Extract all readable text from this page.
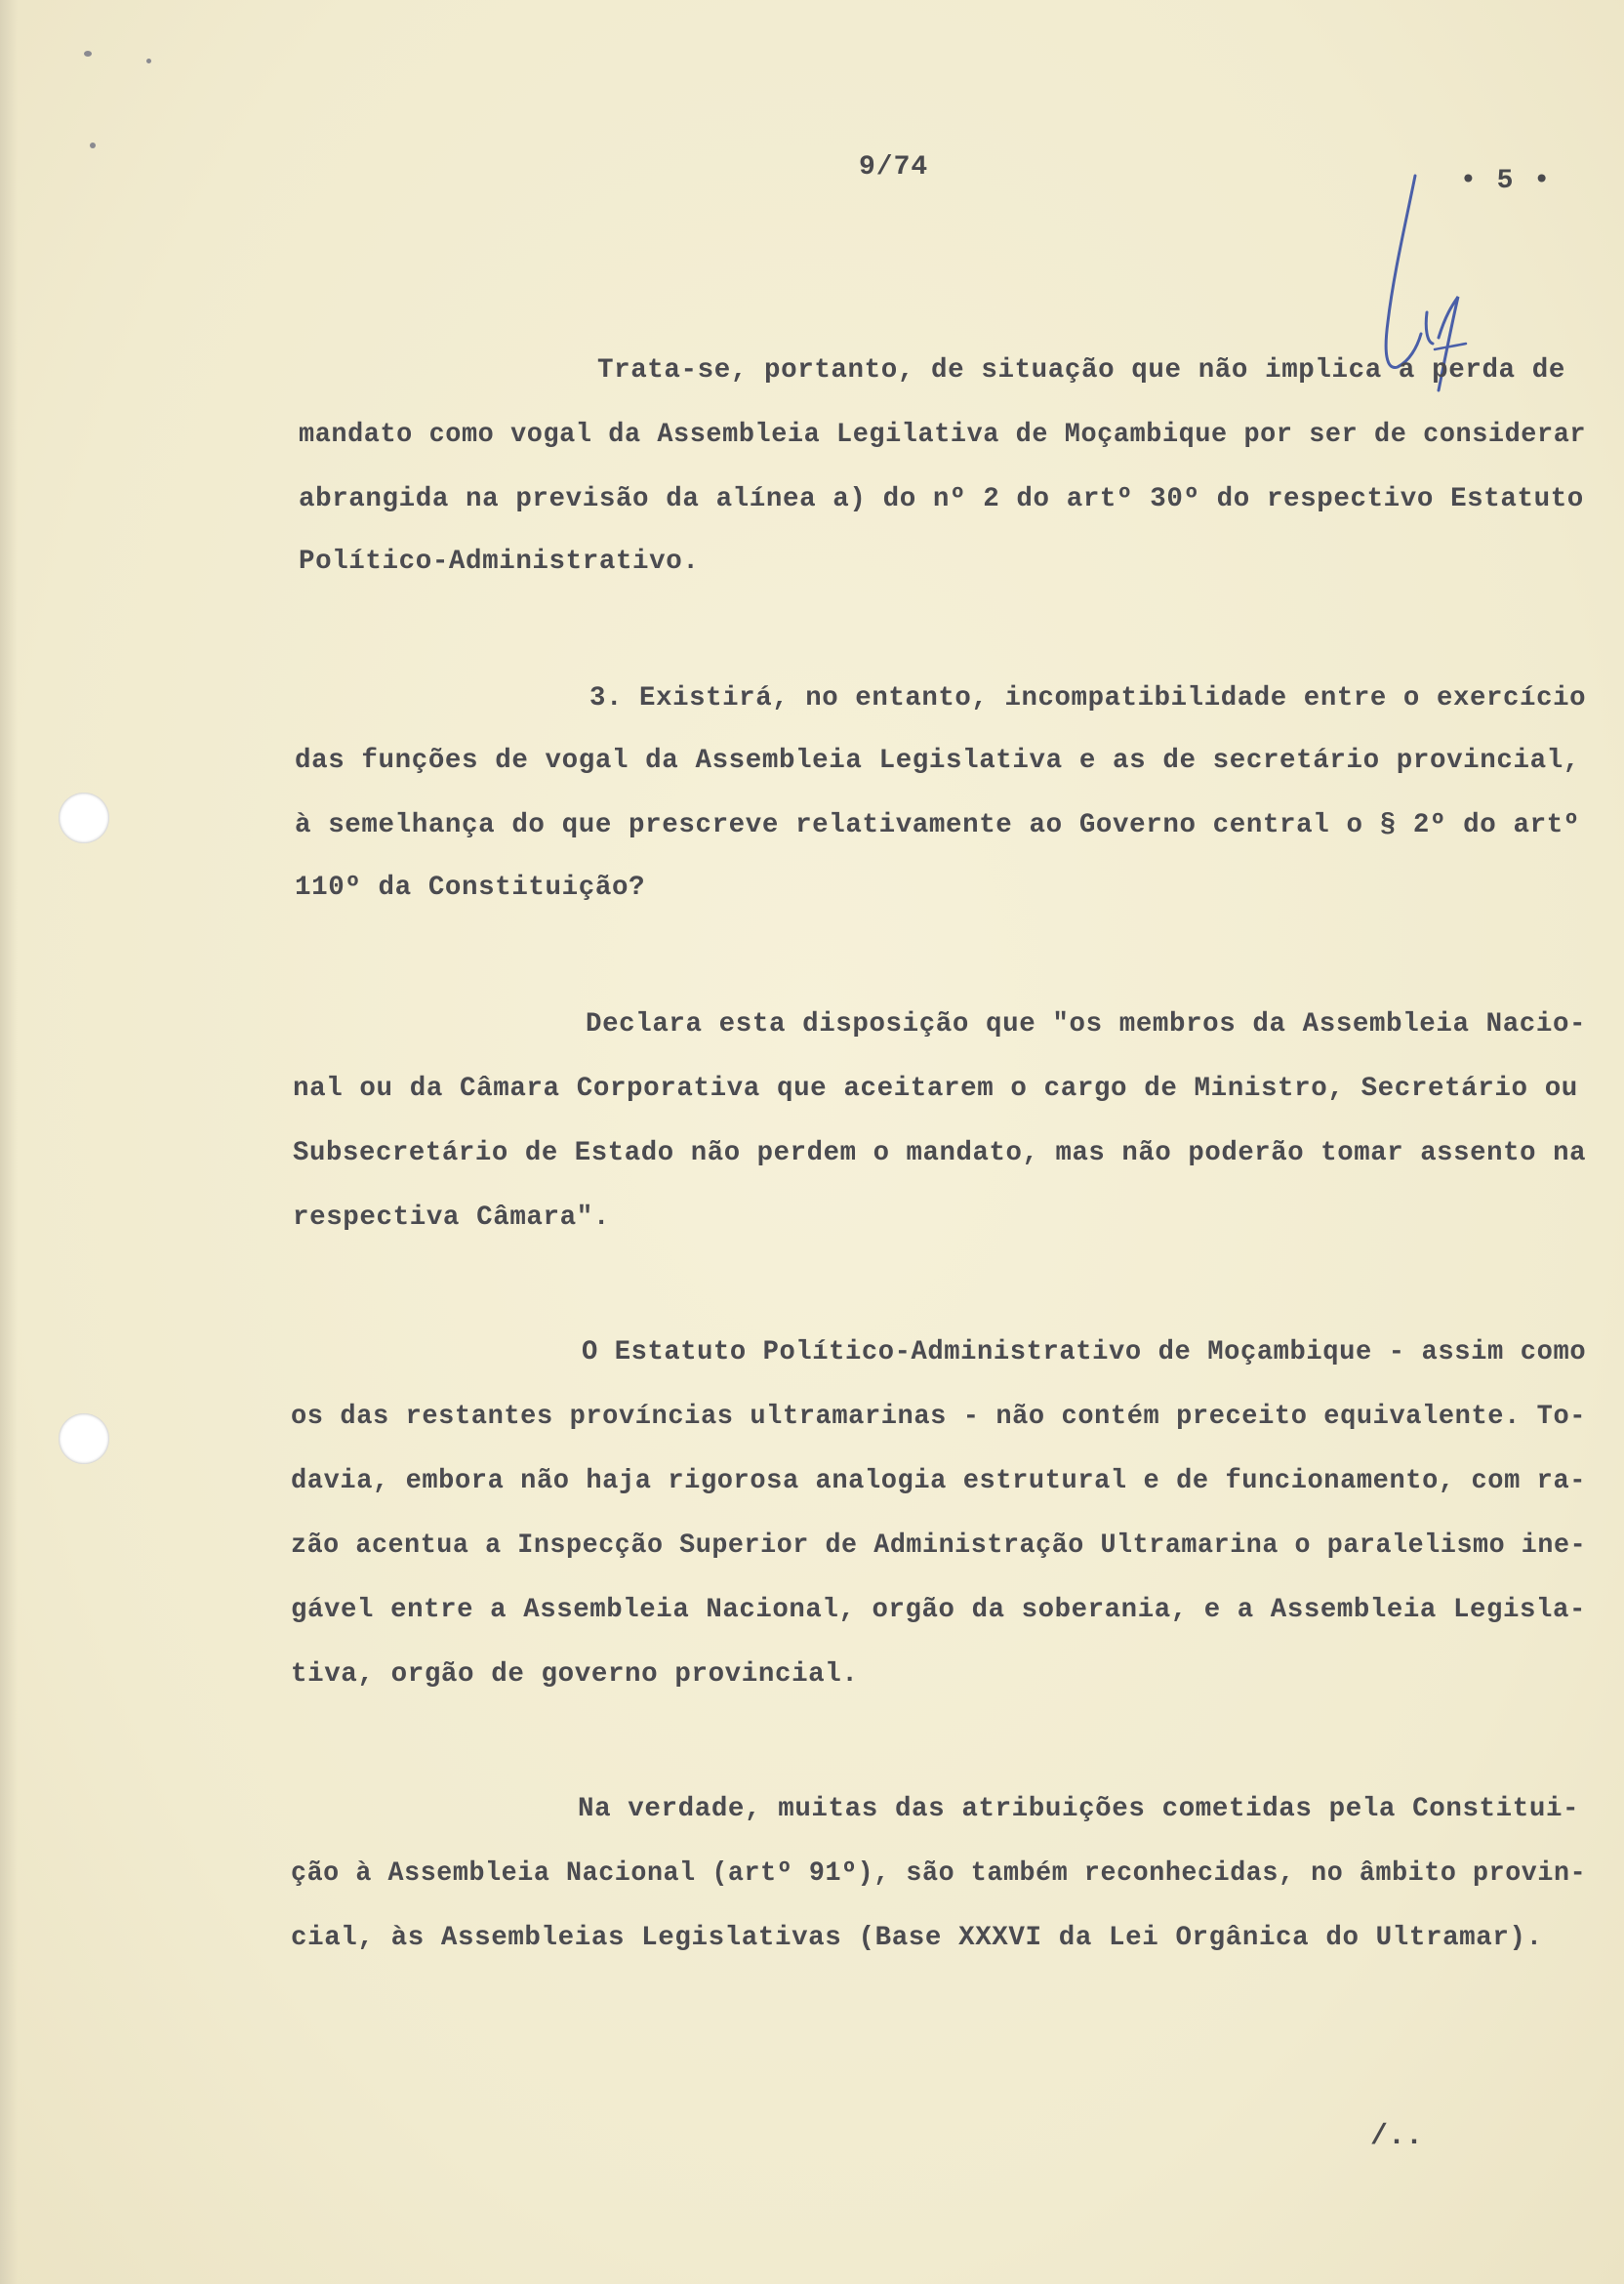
9/74	• 5 •
Trata-se, portanto, de situação que não implica a perda de
mandato como vogal da Assembleia Legilativa de Moçambique por ser de considerar
abrangida na previsão da alínea a) do nº 2 do artº 30º do respectivo Estatuto
Político-Administrativo.
3. Existirá, no entanto, incompatibilidade entre o exercício
das funções de vogal da Assembleia Legislativa e as de secretário provincial,
à semelhança do que prescreve relativamente ao Governo central o § 2º do artº
110º da Constituição?
Declara esta disposição que "os membros da Assembleia Nacio-
nal ou da Câmara Corporativa que aceitarem o cargo de Ministro, Secretário ou
Subsecretário de Estado não perdem o mandato, mas não poderão tomar assento na
respectiva Câmara".
O Estatuto Político-Administrativo de Moçambique - assim como
os das restantes províncias ultramarinas - não contém preceito equivalente. To-
davia, embora não haja rigorosa analogia estrutural e de funcionamento, com ra-
zão acentua a Inspecção Superior de Administração Ultramarina o paralelismo ine-
gável entre a Assembleia Nacional, orgão da soberania, e a Assembleia Legisla-
tiva, orgão de governo provincial.
Na verdade, muitas das atribuições cometidas pela Constitui-
ção à Assembleia Nacional (artº 91º), são também reconhecidas, no âmbito provin-
cial, às Assembleias Legislativas (Base XXXVI da Lei Orgânica do Ultramar).
/..
